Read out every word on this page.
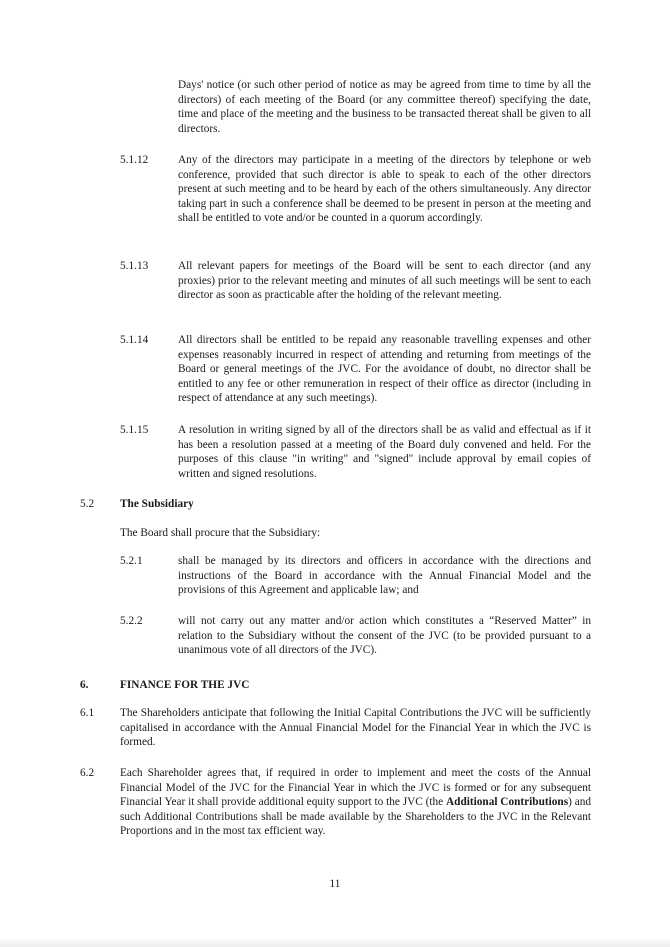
Days' notice (or such other period of notice as may be agreed from time to time by all the directors) of each meeting of the Board (or any committee thereof) specifying the date, time and place of the meeting and the business to be transacted thereat shall be given to all directors.

5.1.12	Any of the directors may participate in a meeting of the directors by telephone or web conference, provided that such director is able to speak to each of the other directors present at such meeting and to be heard by each of the others simultaneously. Any director taking part in such a conference shall be deemed to be present in person at the meeting and shall be entitled to vote and/or be counted in a quorum accordingly.

5.1.13	All relevant papers for meetings of the Board will be sent to each director (and any proxies) prior to the relevant meeting and minutes of all such meetings will be sent to each director as soon as practicable after the holding of the relevant meeting.

5.1.14	All directors shall be entitled to be repaid any reasonable travelling expenses and other expenses reasonably incurred in respect of attending and returning from meetings of the Board or general meetings of the JVC. For the avoidance of doubt, no director shall be entitled to any fee or other remuneration in respect of their office as director (including in respect of attendance at any such meetings).

5.1.15	A resolution in writing signed by all of the directors shall be as valid and effectual as if it has been a resolution passed at a meeting of the Board duly convened and held. For the purposes of this clause "in writing" and "signed" include approval by email copies of written and signed resolutions.

5.2 The Subsidiary

The Board shall procure that the Subsidiary:

5.2.1	shall be managed by its directors and officers in accordance with the directions and instructions of the Board in accordance with the Annual Financial Model and the provisions of this Agreement and applicable law; and

5.2.2	will not carry out any matter and/or action which constitutes a “Reserved Matter” in relation to the Subsidiary without the consent of the JVC (to be provided pursuant to a unanimous vote of all directors of the JVC).

6.	FINANCE FOR THE JVC
6.1 The Shareholders anticipate that following the Initial Capital Contributions the JVC will be sufficiently capitalised in accordance with the Annual Financial Model for the Financial Year in which the JVC is formed.

6.2 Each Shareholder agrees that, if required in order to implement and meet the costs of the Annual Financial Model of the JVC for the Financial Year in which the JVC is formed or for any subsequent Financial Year it shall provide additional equity support to the JVC (the Additional Contributions) and such Additional Contributions shall be made available by the Shareholders to the JVC in the Relevant Proportions and in the most tax efficient way.

11
